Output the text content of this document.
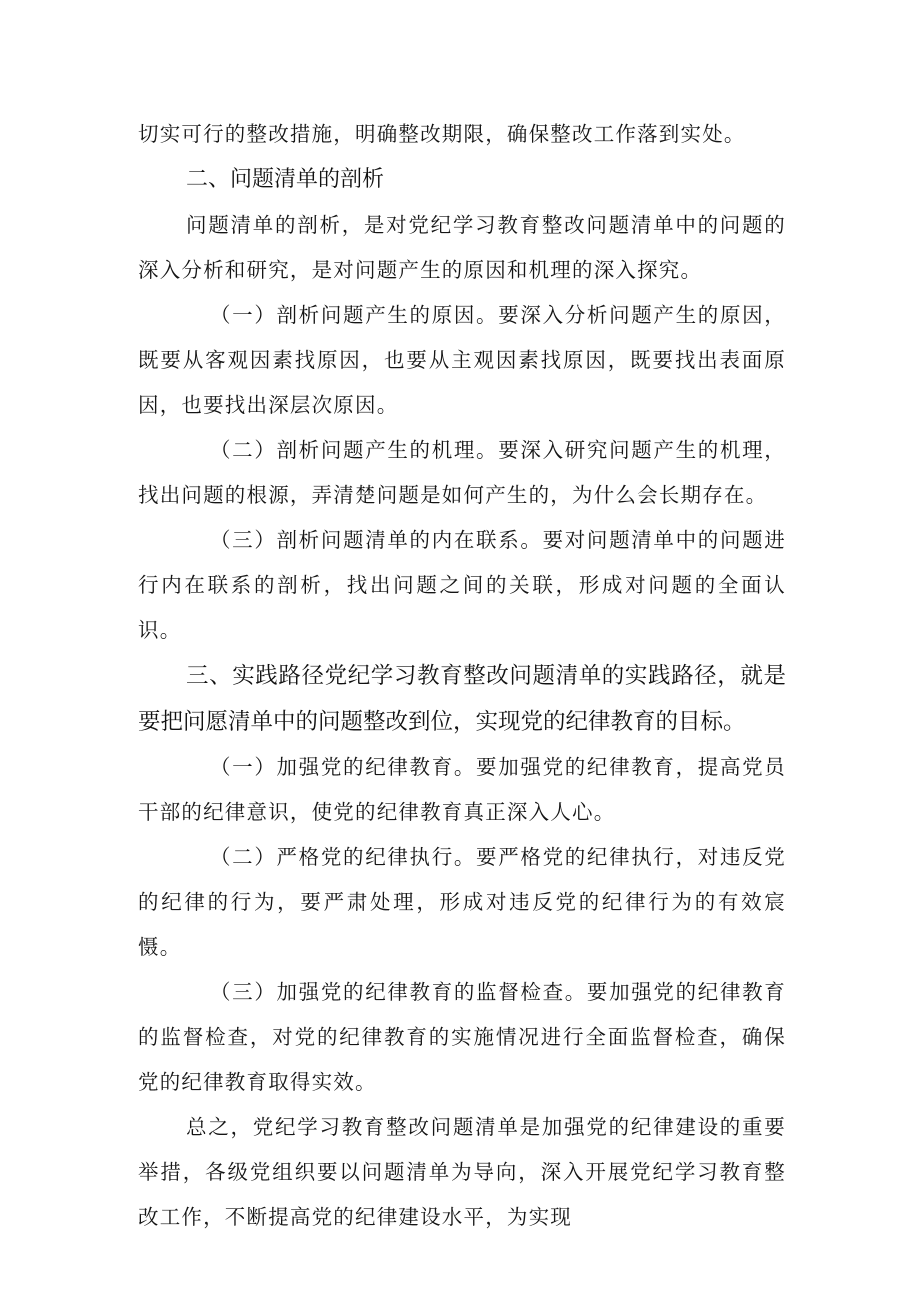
切实可行的整改措施，明确整改期限，确保整改工作落到实处。

二、问题清单的剖析

问题清单的剖析，是对党纪学习教育整改问题清单中的问题的深入分析和研究，是对问题产生的原因和机理的深入探究。

（一）剖析问题产生的原因。要深入分析问题产生的原因，既要从客观因素找原因，也要从主观因素找原因，既要找出表面原因，也要找出深层次原因。

（二）剖析问题产生的机理。要深入研究问题产生的机理，找出问题的根源，弄清楚问题是如何产生的，为什么会长期存在。

（三）剖析问题清单的内在联系。要对问题清单中的问题进行内在联系的剖析，找出问题之间的关联，形成对问题的全面认识。

三、实践路径党纪学习教育整改问题清单的实践路径，就是要把问愿清单中的问题整改到位，实现党的纪律教育的目标。

（一）加强党的纪律教育。要加强党的纪律教育，提高党员干部的纪律意识，使党的纪律教育真正深入人心。

（二）严格党的纪律执行。要严格党的纪律执行，对违反党的纪律的行为，要严肃处理，形成对违反党的纪律行为的有效宸慑。

（三）加强党的纪律教育的监督检查。要加强党的纪律教育的监督检查，对党的纪律教育的实施情况进行全面监督检查，确保党的纪律教育取得实效。

总之，党纪学习教育整改问题清单是加强党的纪律建设的重要举措，各级党组织要以问题清单为导向，深入开展党纪学习教育整改工作，不断提高党的纪律建设水平，为实现
